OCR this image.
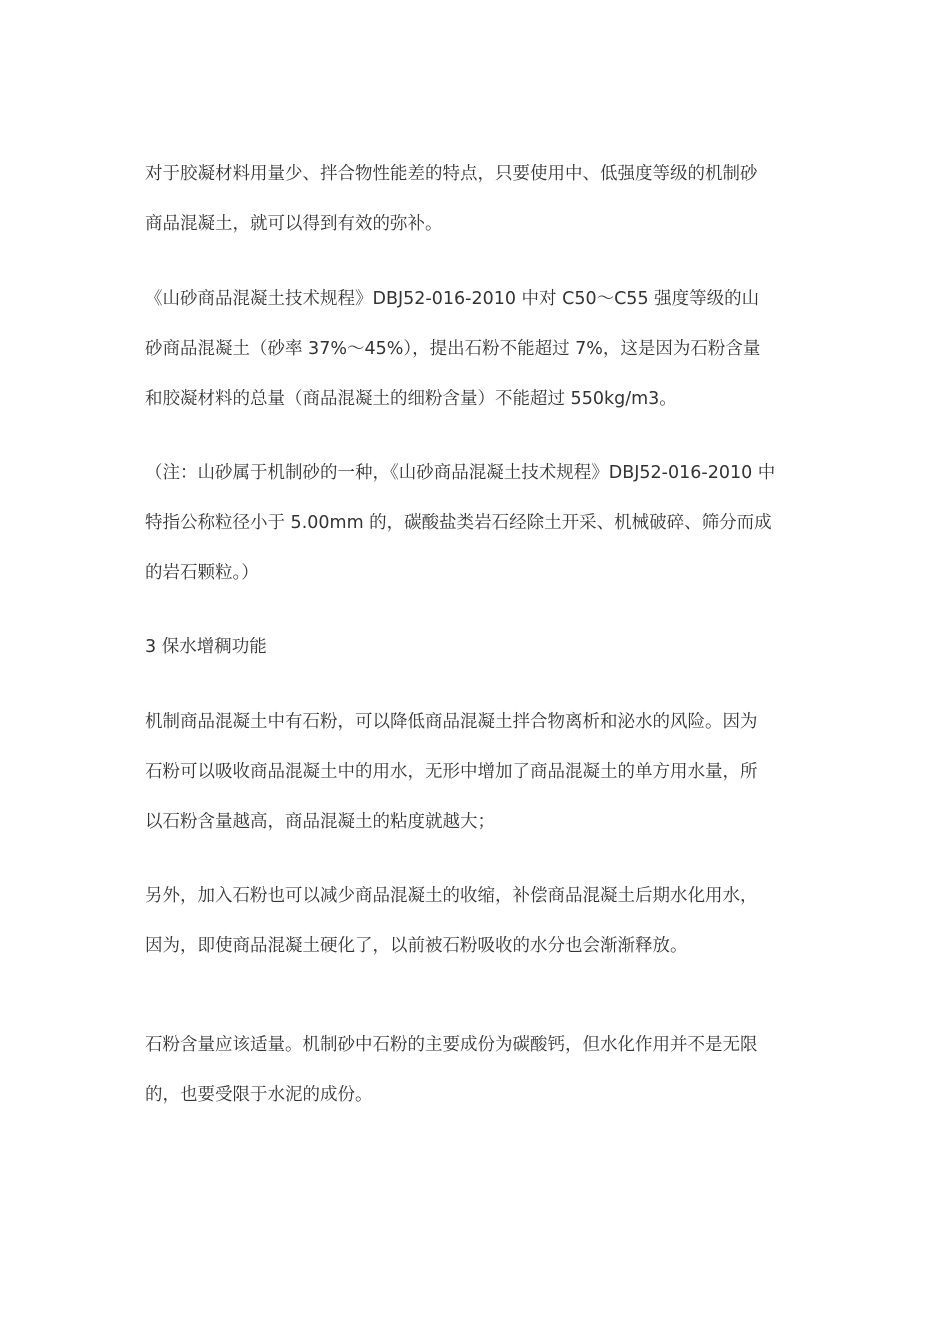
对于胶凝材料用量少、拌合物性能差的特点，只要使用中、低强度等级的机制砂
商品混凝土，就可以得到有效的弥补。

《山砂商品混凝土技术规程》DBJ52-016-2010 中对 C50～C55 强度等级的山
砂商品混凝土（砂率 37%～45%），提出石粉不能超过 7%，这是因为石粉含量
和胶凝材料的总量（商品混凝土的细粉含量）不能超过 550kg/m3。

（注：山砂属于机制砂的一种，《山砂商品混凝土技术规程》DBJ52-016-2010 中
特指公称粒径小于 5.00mm 的，碳酸盐类岩石经除土开采、机械破碎、筛分而成
的岩石颗粒。）

3 保水增稠功能

机制商品混凝土中有石粉，可以降低商品混凝土拌合物离析和泌水的风险。因为
石粉可以吸收商品混凝土中的用水，无形中增加了商品混凝土的单方用水量，所
以石粉含量越高，商品混凝土的粘度就越大；

另外，加入石粉也可以减少商品混凝土的收缩，补偿商品混凝土后期水化用水，
因为，即使商品混凝土硬化了，以前被石粉吸收的水分也会渐渐释放。

石粉含量应该适量。机制砂中石粉的主要成份为碳酸钙，但水化作用并不是无限
的，也要受限于水泥的成份。
